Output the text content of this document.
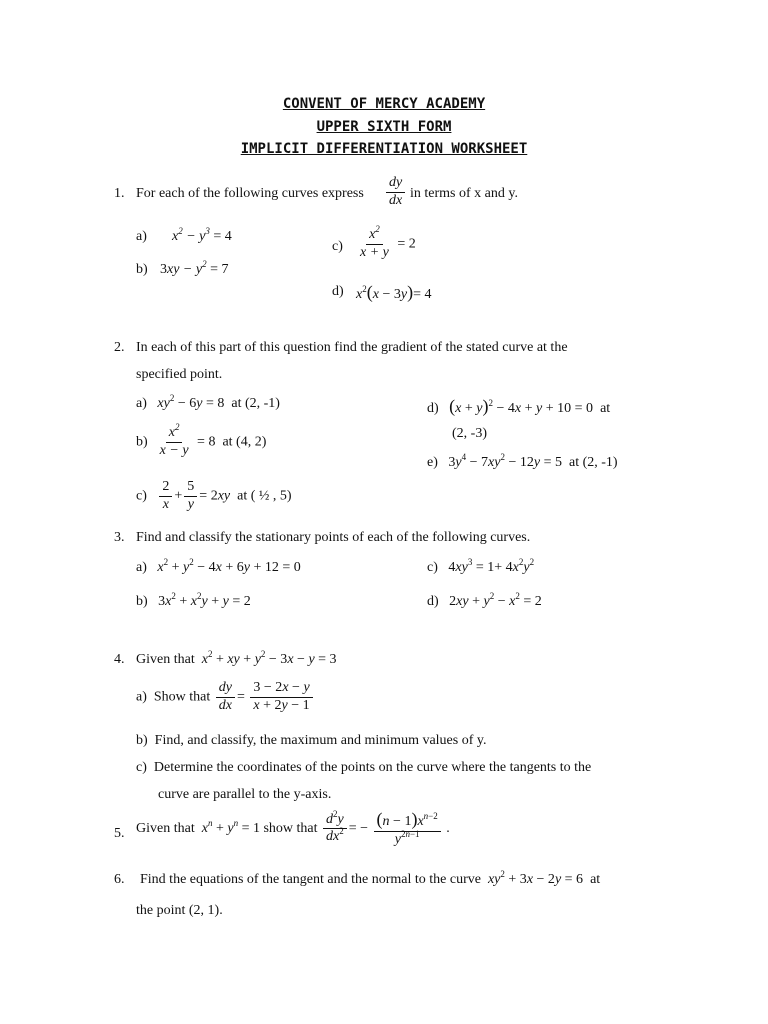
CONVENT OF MERCY ACADEMY
UPPER SIXTH FORM
IMPLICIT DIFFERENTIATION WORKSHEET
1. For each of the following curves express $\frac{dy}{dx}$ in terms of x and y.
a) $x^2 - y^3 = 4$
b) $3xy - y^2 = 7$
$c) \frac{x^2}{x + y} = 2$
d) $x^2(x - 3y)= 4$
2. In each of this part of this question find the gradient of the stated curve at the
specified point.
a)   $xy^2 - 6y = 8$  at (2, -1)
$b) \frac{x^2}{x - y} = 8$  at (4, 2)
$c) \frac{2}{x} + \frac{5}{y} = 2xy$ at ( ½ , 5)
d)   $(x + y)^2 - 4x + y + 10 = 0$  at
(2, -3)
e)   $3y^4 - 7xy^2 - 12y = 5$  at (2, -1)
3. Find and classify the stationary points of each of the following curves.
a)   $x^2 + y^2 - 4x + 6y + 12 = 0$
b)   $3x^2 + x^2y + y = 2$
c)   $4xy^3 = 1+ 4x^2y^2$
d)   $2xy + y^2 - x^2 = 2$
4. Given that $x^2$ + xy + $y^2 - 3x - y = 3$
a)  Show that $\frac{dy}{dx} = \frac{3 - 2x - y}{x + 2y - 1}$
b)  Find, and classify, the maximum and minimum values of y.
c)  Determine the coordinates of the points on the curve where the tangents to the
curve are parallel to the y-axis.
5. Given that $x^n + y^n = 1$ show that $\frac{d^2y}{dx^2}$ = − $\frac{(n - 1)x^{n-2}}{y^{2n-1}}$ .
6. Find the equations of the tangent and the normal to the curve $xy^2 + 3x - 2y = 6$  at
the point (2, 1).
